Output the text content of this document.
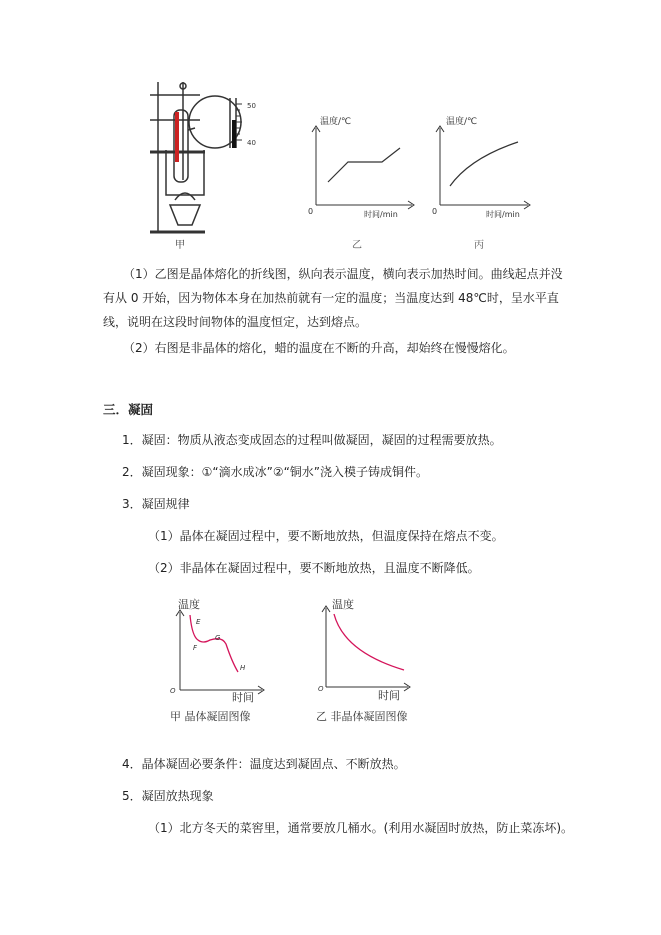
50
40
甲
温度/℃
0	时间/min
乙
温度/℃
0	时间/min
丙
（1）乙图是晶体熔化的折线图，纵向表示温度，横向表示加热时间。曲线起点并没有从 0 开始，因为物体本身在加热前就有一定的温度；当温度达到 48℃时，呈水平直线，说明在这段时间物体的温度恒定，达到熔点。
（2）右图是非晶体的熔化，蜡的温度在不断的升高，却始终在慢慢熔化。
三．凝固
1．凝固：物质从液态变成固态的过程叫做凝固，凝固的过程需要放热。
2．凝固现象：①“滴水成冰”②“铜水”浇入模子铸成铜件。
3．凝固规律
（1）晶体在凝固过程中，要不断地放热，但温度保持在熔点不变。
（2）非晶体在凝固过程中，要不断地放热，且温度不断降低。
E
F
G
H
温度
O	时间
甲 晶体凝固图像
温度
O	时间
乙 非晶体凝固图像
4．晶体凝固必要条件：温度达到凝固点、不断放热。
5．凝固放热现象
（1）北方冬天的菜窖里，通常要放几桶水。(利用水凝固时放热，防止菜冻坏)。
